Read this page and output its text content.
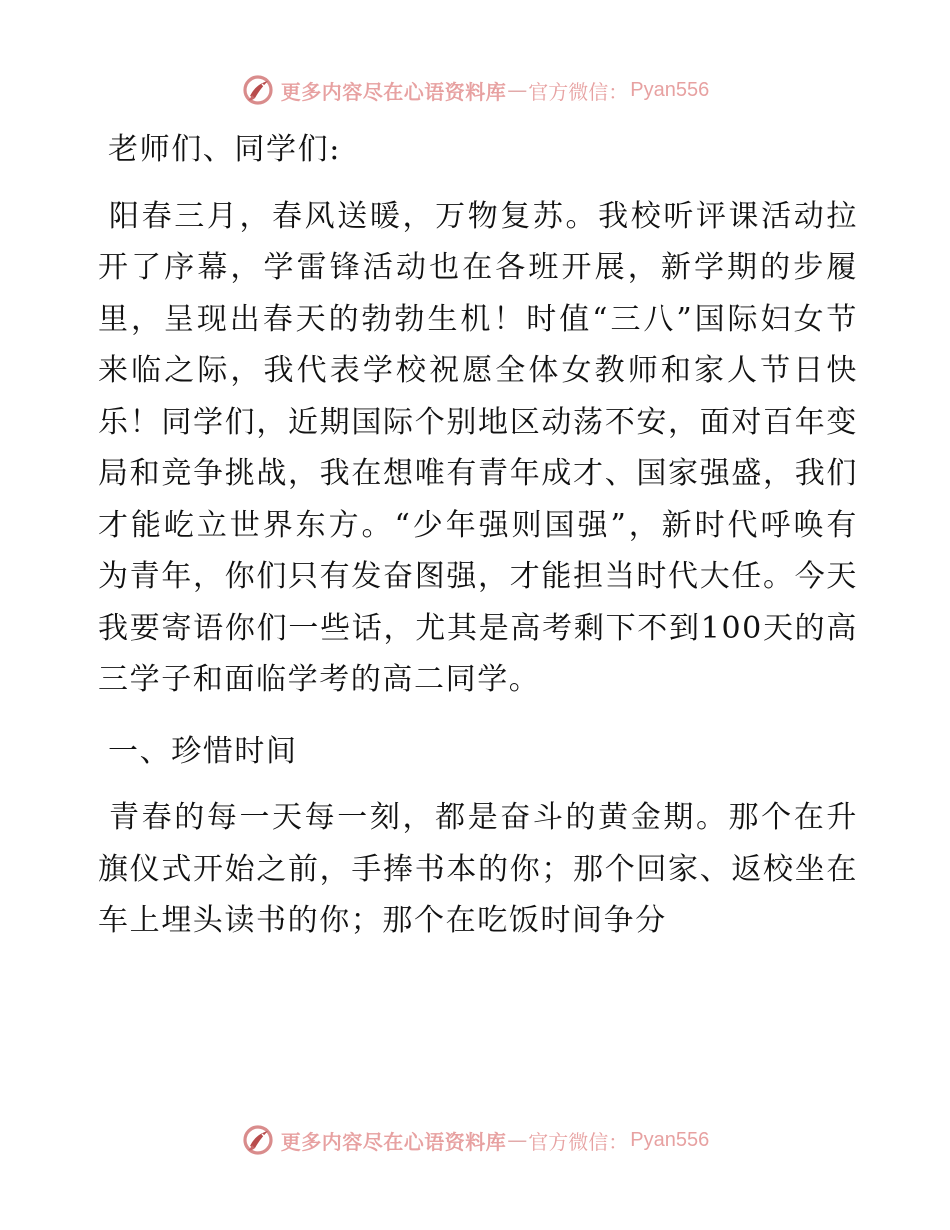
更多内容尽在心语资料库 — 官方微信： Pyan556

老师们、同学们:

阳春三月，春风送暖，万物复苏。我校听评课活动拉开了序幕，学雷锋活动也在各班开展，新学期的步履里，呈现出春天的勃勃生机！时值“三八”国际妇女节来临之际，我代表学校祝愿全体女教师和家人节日快乐！同学们，近期国际个别地区动荡不安，面对百年变局和竞争挑战，我在想唯有青年成才、国家强盛，我们才能屹立世界东方。“少年强则国强”，新时代呼唤有为青年，你们只有发奋图强，才能担当时代大任。今天我要寄语你们一些话，尤其是高考剩下不到100天的高三学子和面临学考的高二同学。

一、珍惜时间

青春的每一天每一刻，都是奋斗的黄金期。那个在升旗仪式开始之前，手捧书本的你；那个回家、返校坐在车上埋头读书的你；那个在吃饭时间争分

更多内容尽在心语资料库 — 官方微信： Pyan556
